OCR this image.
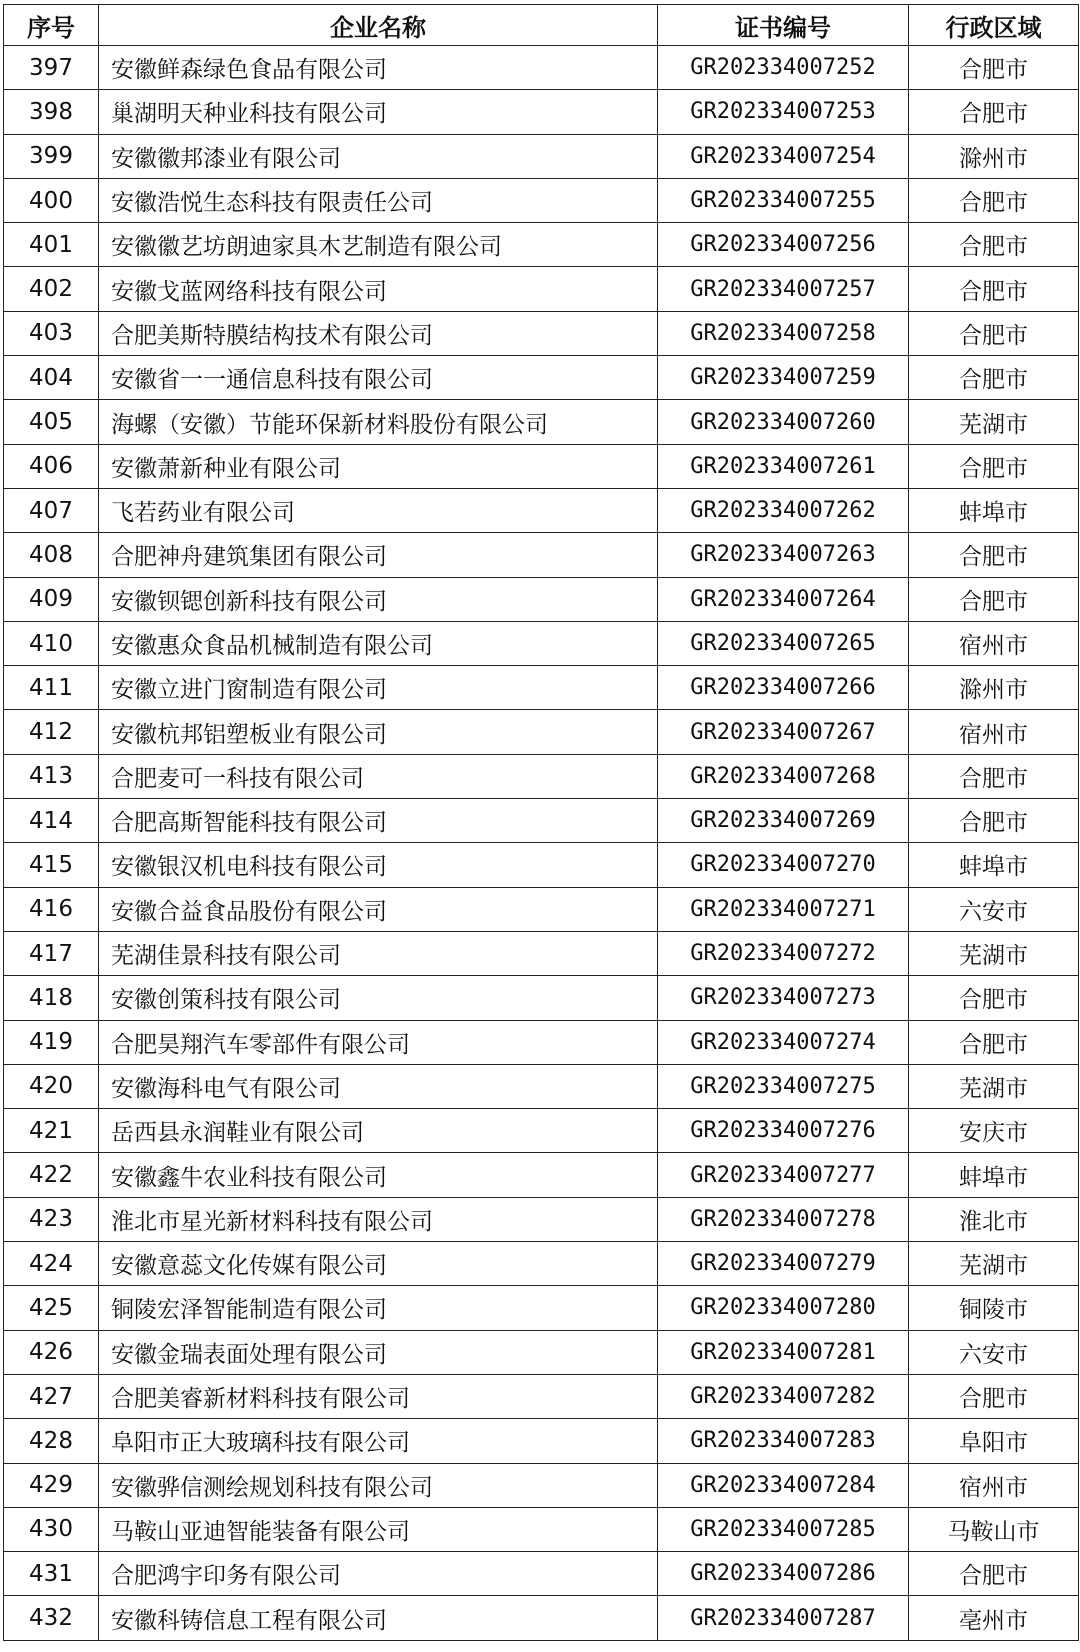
序号	企业名称	证书编号	行政区域
397	安徽鲜森绿色食品有限公司	GR202334007252	合肥市
398	巢湖明天种业科技有限公司	GR202334007253	合肥市
399	安徽徽邦漆业有限公司	GR202334007254	滁州市
400	安徽浩悦生态科技有限责任公司	GR202334007255	合肥市
401	安徽徽艺坊朗迪家具木艺制造有限公司	GR202334007256	合肥市
402	安徽戈蓝网络科技有限公司	GR202334007257	合肥市
403	合肥美斯特膜结构技术有限公司	GR202334007258	合肥市
404	安徽省一一通信息科技有限公司	GR202334007259	合肥市
405	海螺（安徽）节能环保新材料股份有限公司	GR202334007260	芜湖市
406	安徽萧新种业有限公司	GR202334007261	合肥市
407	飞若药业有限公司	GR202334007262	蚌埠市
408	合肥神舟建筑集团有限公司	GR202334007263	合肥市
409	安徽钡锶创新科技有限公司	GR202334007264	合肥市
410	安徽惠众食品机械制造有限公司	GR202334007265	宿州市
411	安徽立进门窗制造有限公司	GR202334007266	滁州市
412	安徽杭邦铝塑板业有限公司	GR202334007267	宿州市
413	合肥麦可一科技有限公司	GR202334007268	合肥市
414	合肥高斯智能科技有限公司	GR202334007269	合肥市
415	安徽银汉机电科技有限公司	GR202334007270	蚌埠市
416	安徽合益食品股份有限公司	GR202334007271	六安市
417	芜湖佳景科技有限公司	GR202334007272	芜湖市
418	安徽创策科技有限公司	GR202334007273	合肥市
419	合肥昊翔汽车零部件有限公司	GR202334007274	合肥市
420	安徽海科电气有限公司	GR202334007275	芜湖市
421	岳西县永润鞋业有限公司	GR202334007276	安庆市
422	安徽鑫牛农业科技有限公司	GR202334007277	蚌埠市
423	淮北市星光新材料科技有限公司	GR202334007278	淮北市
424	安徽意蕊文化传媒有限公司	GR202334007279	芜湖市
425	铜陵宏泽智能制造有限公司	GR202334007280	铜陵市
426	安徽金瑞表面处理有限公司	GR202334007281	六安市
427	合肥美睿新材料科技有限公司	GR202334007282	合肥市
428	阜阳市正大玻璃科技有限公司	GR202334007283	阜阳市
429	安徽骅信测绘规划科技有限公司	GR202334007284	宿州市
430	马鞍山亚迪智能装备有限公司	GR202334007285	马鞍山市
431	合肥鸿宇印务有限公司	GR202334007286	合肥市
432	安徽科铸信息工程有限公司	GR202334007287	亳州市
